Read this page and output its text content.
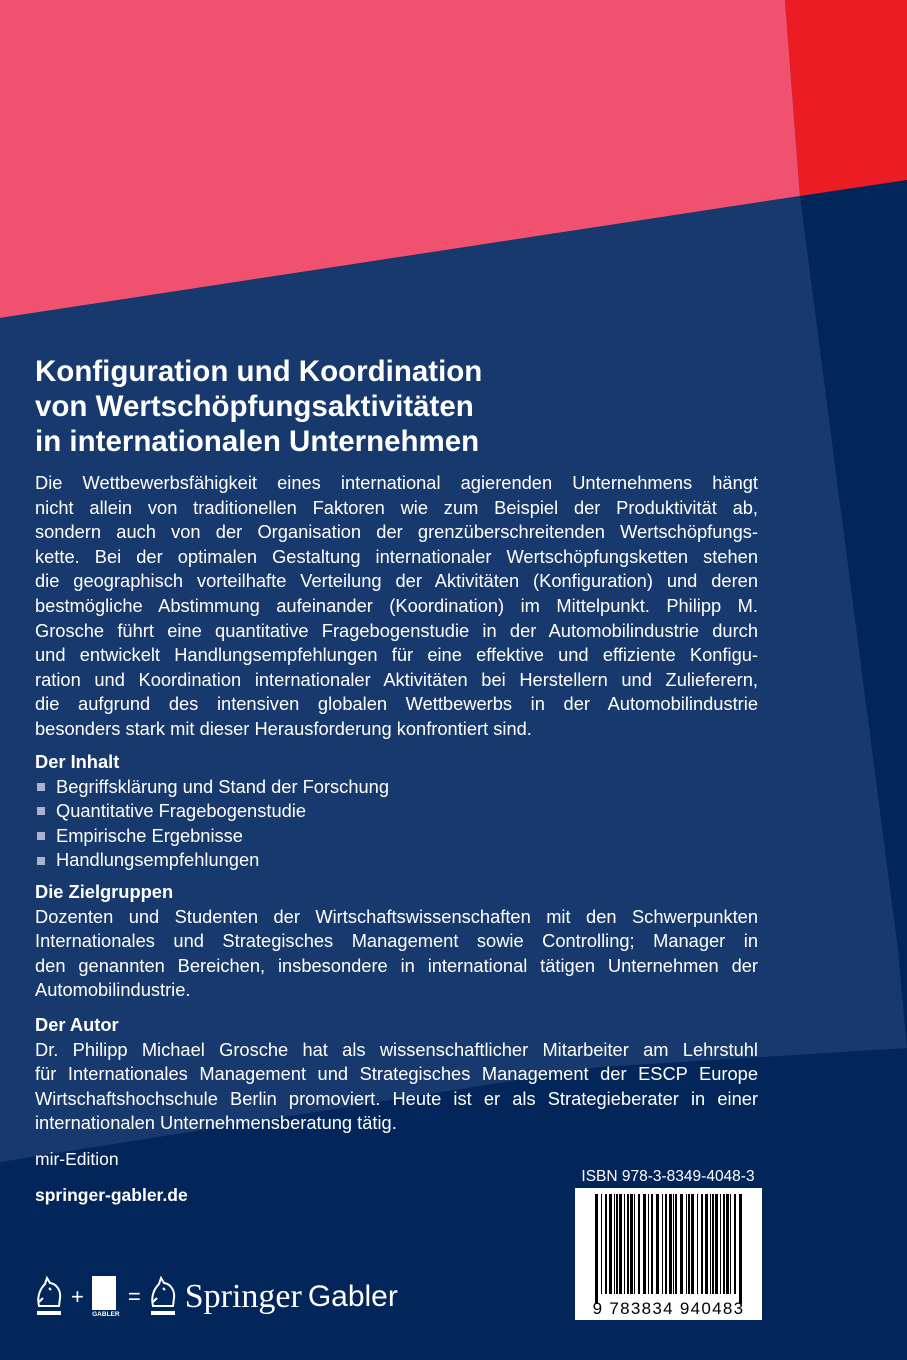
Konfiguration und Koordination
von Wertschöpfungsaktivitäten
in internationalen Unternehmen
Die Wettbewerbsfähigkeit eines international agierenden Unternehmens hängt
nicht allein von traditionellen Faktoren wie zum Beispiel der Produktivität ab,
sondern auch von der Organisation der grenzüberschreitenden Wertschöpfungs-
kette. Bei der optimalen Gestaltung internationaler Wertschöpfungsketten stehen
die geographisch vorteilhafte Verteilung der Aktivitäten (Konfiguration) und deren
bestmögliche Abstimmung aufeinander (Koordination) im Mittelpunkt. Philipp M.
Grosche führt eine quantitative Fragebogenstudie in der Automobilindustrie durch
und entwickelt Handlungsempfehlungen für eine effektive und effiziente Konfigu-
ration und Koordination internationaler Aktivitäten bei Herstellern und Zulieferern,
die aufgrund des intensiven globalen Wettbewerbs in der Automobilindustrie
besonders stark mit dieser Herausforderung konfrontiert sind.
Der Inhalt
Begriffsklärung und Stand der Forschung
Quantitative Fragebogenstudie
Empirische Ergebnisse
Handlungsempfehlungen
Die Zielgruppen
Dozenten und Studenten der Wirtschaftswissenschaften mit den Schwerpunkten
Internationales und Strategisches Management sowie Controlling; Manager in
den genannten Bereichen, insbesondere in international tätigen Unternehmen der
Automobilindustrie.
Der Autor
Dr. Philipp Michael Grosche hat als wissenschaftlicher Mitarbeiter am Lehrstuhl
für Internationales Management und Strategisches Management der ESCP Europe
Wirtschaftshochschule Berlin promoviert. Heute ist er als Strategieberater in einer
internationalen Unternehmensberatung tätig.
mir-Edition
springer-gabler.de
ISBN 978-3-8349-4048-3
9 783834 940483
+
GABLER
= Springer Gabler
